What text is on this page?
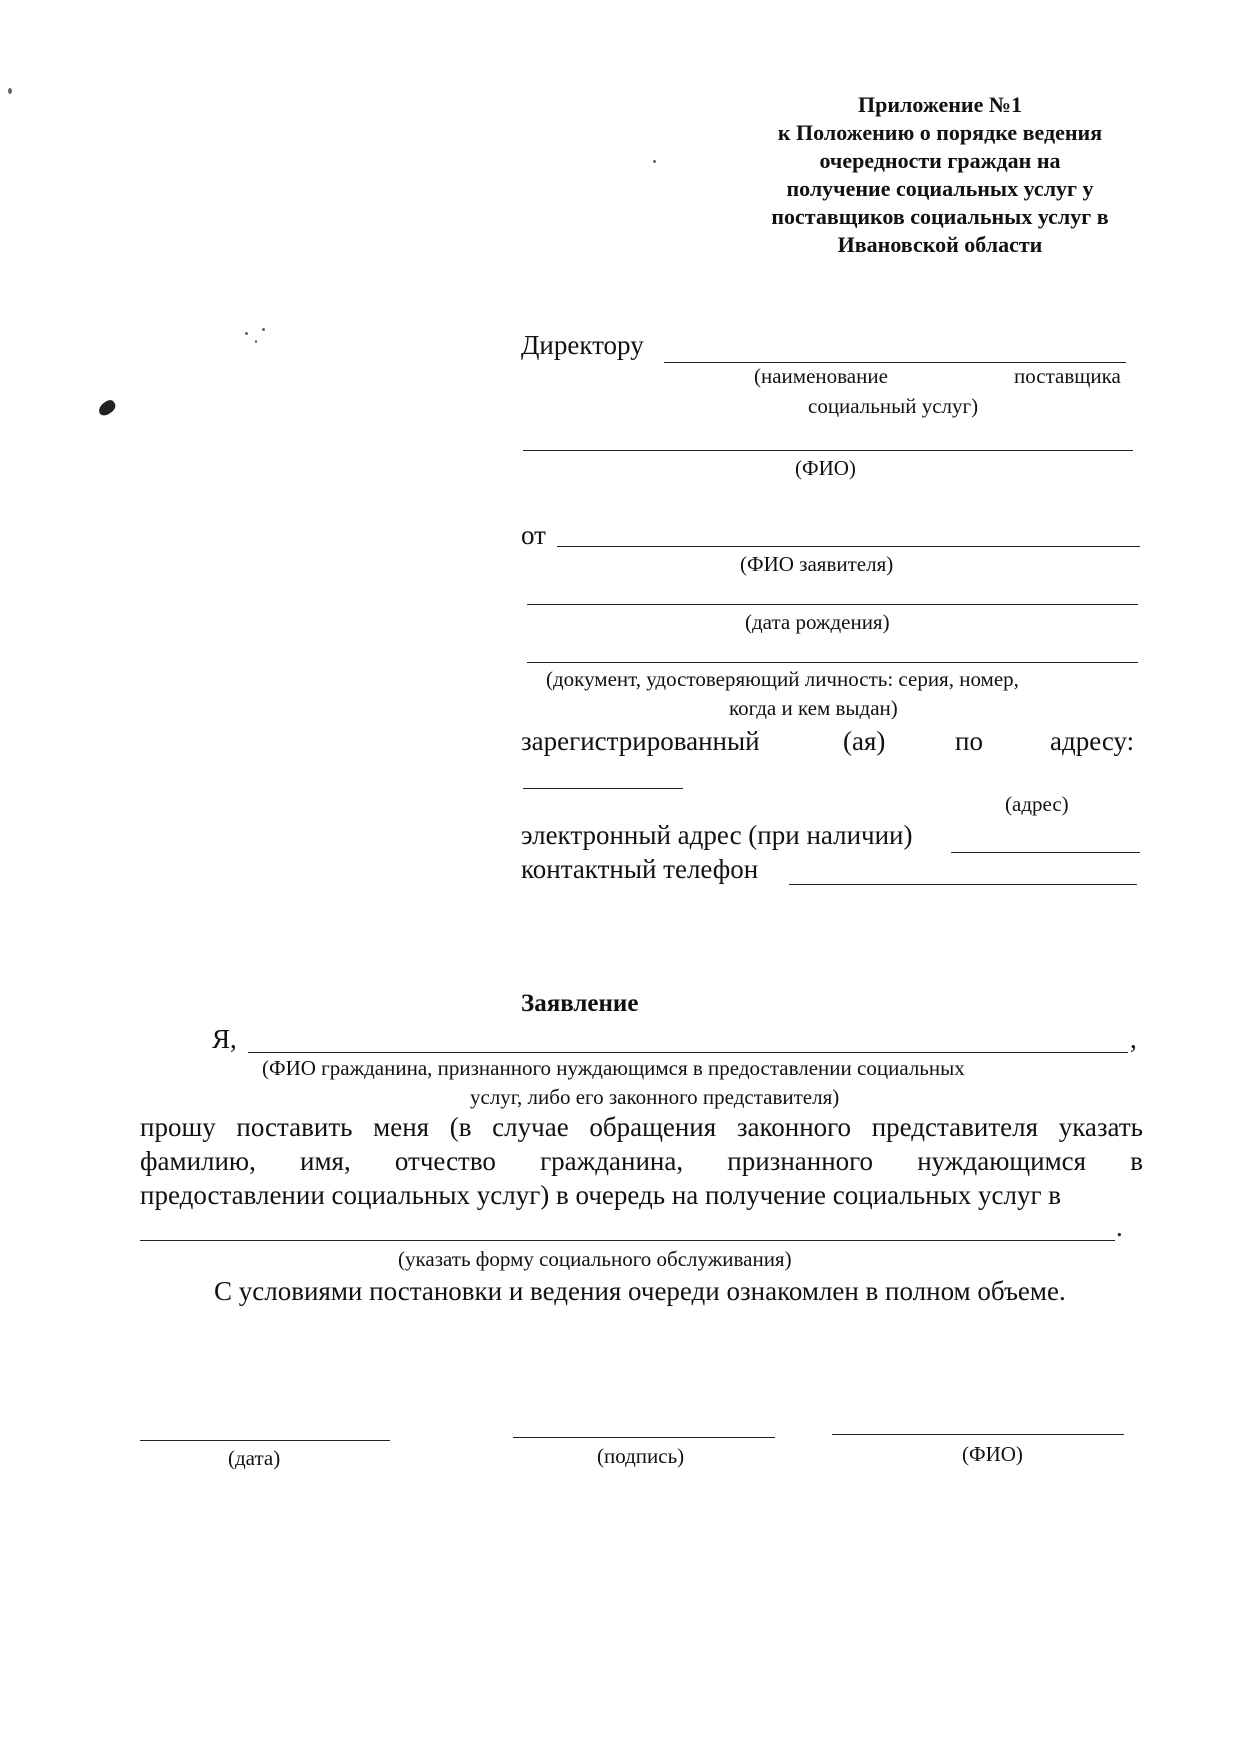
Приложение №1
к Положению о порядке ведения
очередности граждан на
получение социальных услуг у
поставщиков социальных услуг в
Ивановской области
Директору
(наименование	поставщика
социальный услуг)
(ФИО)
от
(ФИО заявителя)
(дата рождения)
(документ, удостоверяющий личность: серия, номер,
когда и кем выдан)
зарегистрированный	(ая)	по адресу:
(адрес)
электронный адрес (при наличии)
контактный телефон
Заявление
Я,	,
(ФИО гражданина, признанного нуждающимся в предоставлении социальных
услуг, либо его законного представителя)
прошу поставить меня (в случае обращения законного представителя указать
фамилию, имя, отчество гражданина, признанного нуждающимся в
предоставлении социальных услуг) в очередь на получение социальных услуг в
.
(указать форму социального обслуживания)
С условиями постановки и ведения очереди ознакомлен в полном объеме.
(дата)	(подпись)	(ФИО)
